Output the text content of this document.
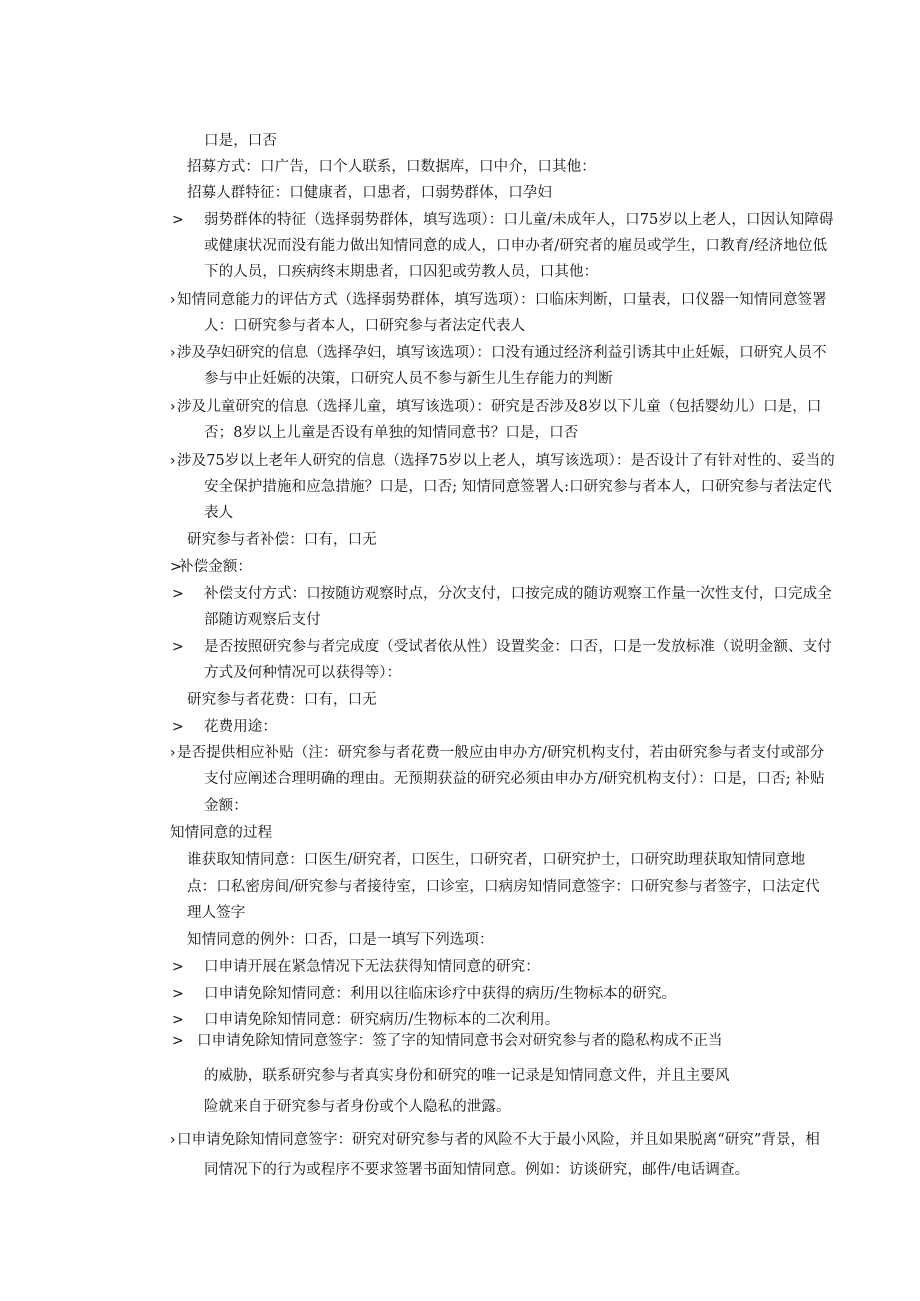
口是，口否
招募方式：口广告，口个人联系，口数据库，口中介，口其他：
招募人群特征：口健康者，口患者，口弱势群体，口孕妇
> 弱势群体的特征（选择弱势群体，填写选项）：口儿童/未成年人，口75岁以上老人，口因认知障碍
或健康状况而没有能力做出知情同意的成人，口申办者/研究者的雇员或学生，口教育/经济地位低
下的人员，口疾病终末期患者，口囚犯或劳教人员，口其他：
› 知情同意能力的评估方式（选择弱势群体，填写选项）：口临床判断，口量表，口仪器一知情同意签署
人：口研究参与者本人，口研究参与者法定代表人
› 涉及孕妇研究的信息（选择孕妇，填写该选项）：口没有通过经济利益引诱其中止妊娠，口研究人员不
参与中止妊娠的决策，口研究人员不参与新生儿生存能力的判断
› 涉及儿童研究的信息（选择儿童，填写该选项）：研究是否涉及8岁以下儿童（包括婴幼儿）口是，口
否；8岁以上儿童是否设有单独的知情同意书？口是，口否
› 涉及75岁以上老年人研究的信息（选择75岁以上老人，填写该选项）：是否设计了有针对性的、妥当的
安全保护措施和应急措施？口是，口否; 知情同意签署人:口研究参与者本人，口研究参与者法定代
表人
研究参与者补偿：口有，口无
>
补偿金额：
> 补偿支付方式：口按随访观察时点，分次支付，口按完成的随访观察工作量一次性支付，口完成全
部随访观察后支付
> 是否按照研究参与者完成度（受试者依从性）设置奖金：口否，口是一发放标准（说明金额、支付
方式及何种情况可以获得等）：
研究参与者花费：口有，口无
> 花费用途：
› 是否提供相应补贴（注：研究参与者花费一般应由申办方/研究机构支付，若由研究参与者支付或部分
支付应阐述合理明确的理由。无预期获益的研究必须由申办方/研究机构支付）：口是，口否; 补贴
金额：
知情同意的过程
谁获取知情同意：口医生/研究者，口医生，口研究者，口研究护士，口研究助理获取知情同意地
点：口私密房间/研究参与者接待室，口诊室，口病房知情同意签字：口研究参与者签字，口法定代
理人签字
知情同意的例外：口否，口是一填写下列选项：
> 口申请开展在紧急情况下无法获得知情同意的研究：
> 口申请免除知情同意：利用以往临床诊疗中获得的病历/生物标本的研究。
> 口申请免除知情同意：研究病历/生物标本的二次利用。
> 口申请免除知情同意签字：签了字的知情同意书会对研究参与者的隐私构成不正当
的威胁，联系研究参与者真实身份和研究的唯一记录是知情同意文件，并且主要风
险就来自于研究参与者身份或个人隐私的泄露。
› 口申请免除知情同意签字：研究对研究参与者的风险不大于最小风险，并且如果脱离“研究”背景，相
同情况下的行为或程序不要求签署书面知情同意。例如：访谈研究，邮件/电话调查。
